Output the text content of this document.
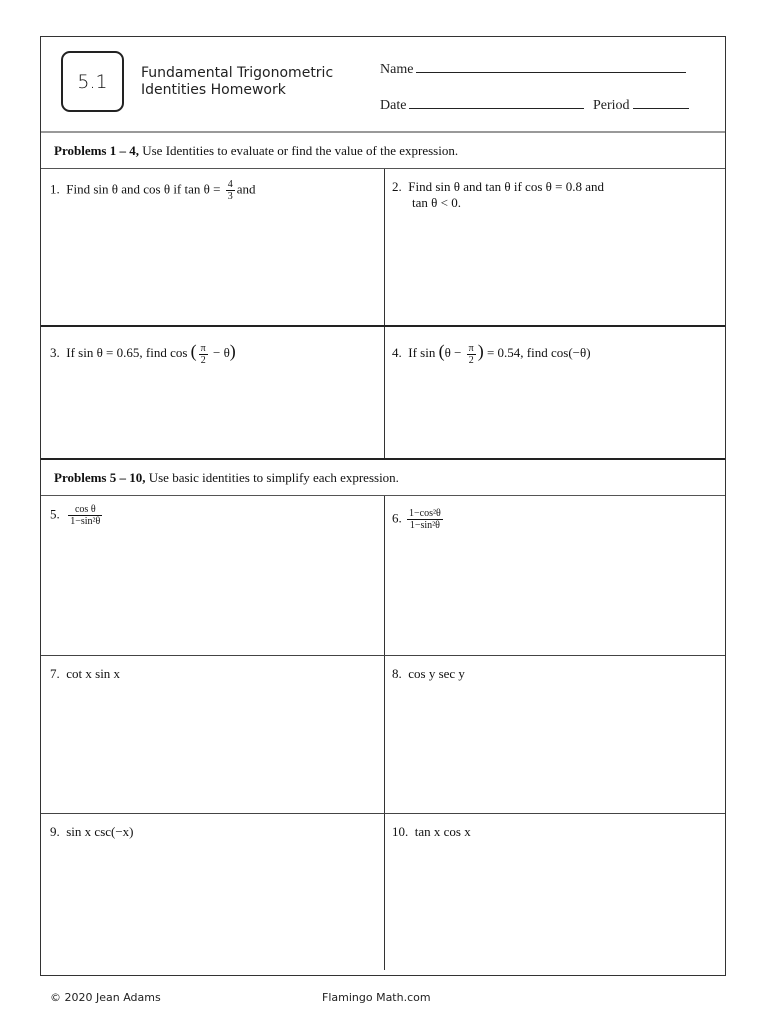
5.1 Fundamental Trigonometric
Identities Homework
Name
Date	Period
Problems 1 – 4, Use Identities to evaluate or find the value of the expression.
1. Find sin θ and cos θ if $\tan \theta = \frac{4}{3}$ and	2. Find sin θ and tan θ if cos θ = 0.8 and
tan θ < 0.
3. If sin θ = 0.65, find cos ( $\frac{\pi}{2} - \theta$)	4. If $\sin (\theta - \frac{\pi}{2}$ ) = 0.54, find cos(−θ)
Problems 5 – 10, Use basic identities to simplify each expression.
5. $\frac{\text{cos θ}}{\text{1−sin²θ}}$	6. $\frac{\text{1−cos²θ}}{\text{1−sin²θ}}$
7. cot x sin x	8. cos y sec y
9. sin x csc(−x)	10. tan x cos x
© 2020 Jean Adams	Flamingo Math.com
